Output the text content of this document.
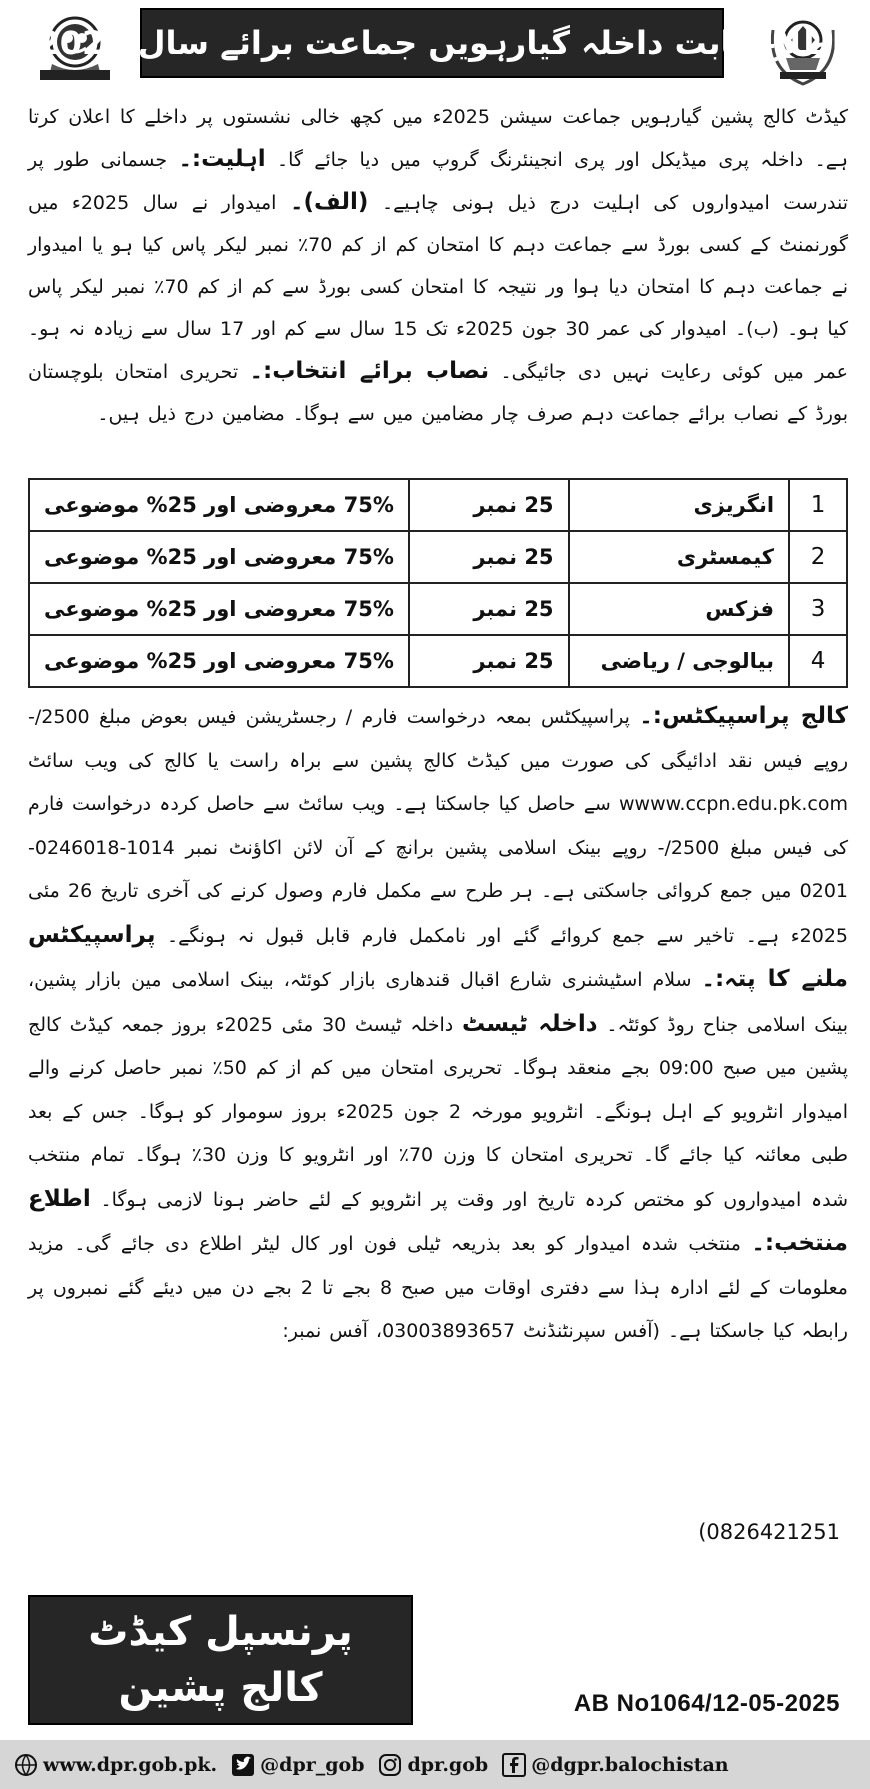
اطلاع بابت داخلہ گیارہویں جماعت برائے سال 2025ء
کیڈٹ کالج پشین گیارہویں جماعت سیشن 2025ء میں کچھ خالی نشستوں پر داخلے کا اعلان کرتا ہے۔ داخلہ پری میڈیکل اور پری انجینئرنگ گروپ میں دیا جائے گا۔ اہلیت:۔ جسمانی طور پر تندرست امیدواروں کی اہلیت درج ذیل ہونی چاہیے۔ (الف)۔ امیدوار نے سال 2025ء میں گورنمنٹ کے کسی بورڈ سے جماعت دہم کا امتحان کم از کم 70٪ نمبر لیکر پاس کیا ہو یا امیدوار نے جماعت دہم کا امتحان دیا ہوا ور نتیجہ کا امتحان کسی بورڈ سے کم از کم 70٪ نمبر لیکر پاس کیا ہو۔ (ب)۔ امیدوار کی عمر 30 جون 2025ء تک 15 سال سے کم اور 17 سال سے زیادہ نہ ہو۔ عمر میں کوئی رعایت نہیں دی جائیگی۔ نصاب برائے انتخاب:۔ تحریری امتحان بلوچستان بورڈ کے نصاب برائے جماعت دہم صرف چار مضامین میں سے ہوگا۔ مضامین درج ذیل ہیں۔
1	انگریزی	25 نمبر	75% معروضی اور 25% موضوعی
2	کیمسٹری	25 نمبر	75% معروضی اور 25% موضوعی
3	فزکس	25 نمبر	75% معروضی اور 25% موضوعی
4	بیالوجی / ریاضی	25 نمبر	75% معروضی اور 25% موضوعی
کالج پراسپیکٹس:۔ پراسپیکٹس بمعہ درخواست فارم / رجسٹریشن فیس بعوض مبلغ 2500/- روپے فیس نقد ادائیگی کی صورت میں کیڈٹ کالج پشین سے براہ راست یا کالج کی ویب سائٹ wwww.ccpn.edu.pk.com سے حاصل کیا جاسکتا ہے۔ ویب سائٹ سے حاصل کردہ درخواست فارم کی فیس مبلغ 2500/- روپے بینک اسلامی پشین برانچ کے آن لائن اکاؤنٹ نمبر 1014-0246018-0201 میں جمع کروائی جاسکتی ہے۔ ہر طرح سے مکمل فارم وصول کرنے کی آخری تاریخ 26 مئی 2025ء ہے۔ تاخیر سے جمع کروائے گئے اور نامکمل فارم قابل قبول نہ ہونگے۔ پراسپیکٹس ملنے کا پتہ:۔ سلام اسٹیشنری شارع اقبال قندھاری بازار کوئٹہ، بینک اسلامی مین بازار پشین، بینک اسلامی جناح روڈ کوئٹہ۔ داخلہ ٹیسٹ داخلہ ٹیسٹ 30 مئی 2025ء بروز جمعہ کیڈٹ کالج پشین میں صبح 09:00 بجے منعقد ہوگا۔ تحریری امتحان میں کم از کم 50٪ نمبر حاصل کرنے والے امیدوار انٹرویو کے اہل ہونگے۔ انٹرویو مورخہ 2 جون 2025ء بروز سوموار کو ہوگا۔ جس کے بعد طبی معائنہ کیا جائے گا۔ تحریری امتحان کا وزن 70٪ اور انٹرویو کا وزن 30٪ ہوگا۔ تمام منتخب شدہ امیدواروں کو مختص کردہ تاریخ اور وقت پر انٹرویو کے لئے حاضر ہونا لازمی ہوگا۔ اطلاع منتخب:۔ منتخب شدہ امیدوار کو بعد بذریعہ ٹیلی فون اور کال لیٹر اطلاع دی جائے گی۔ مزید معلومات کے لئے ادارہ ہذا سے دفتری اوقات میں صبح 8 بجے تا 2 بجے دن میں دیئے گئے نمبروں پر رابطہ کیا جاسکتا ہے۔ (آفس سپرنٹنڈنٹ 03003893657، آفس نمبر:
(0826421251
پرنسپل کیڈٹ
کالج پشین	AB No1064/12-05-2025
www.dpr.gob.pk. @dpr_gob dpr.gob @dgpr.balochistan
